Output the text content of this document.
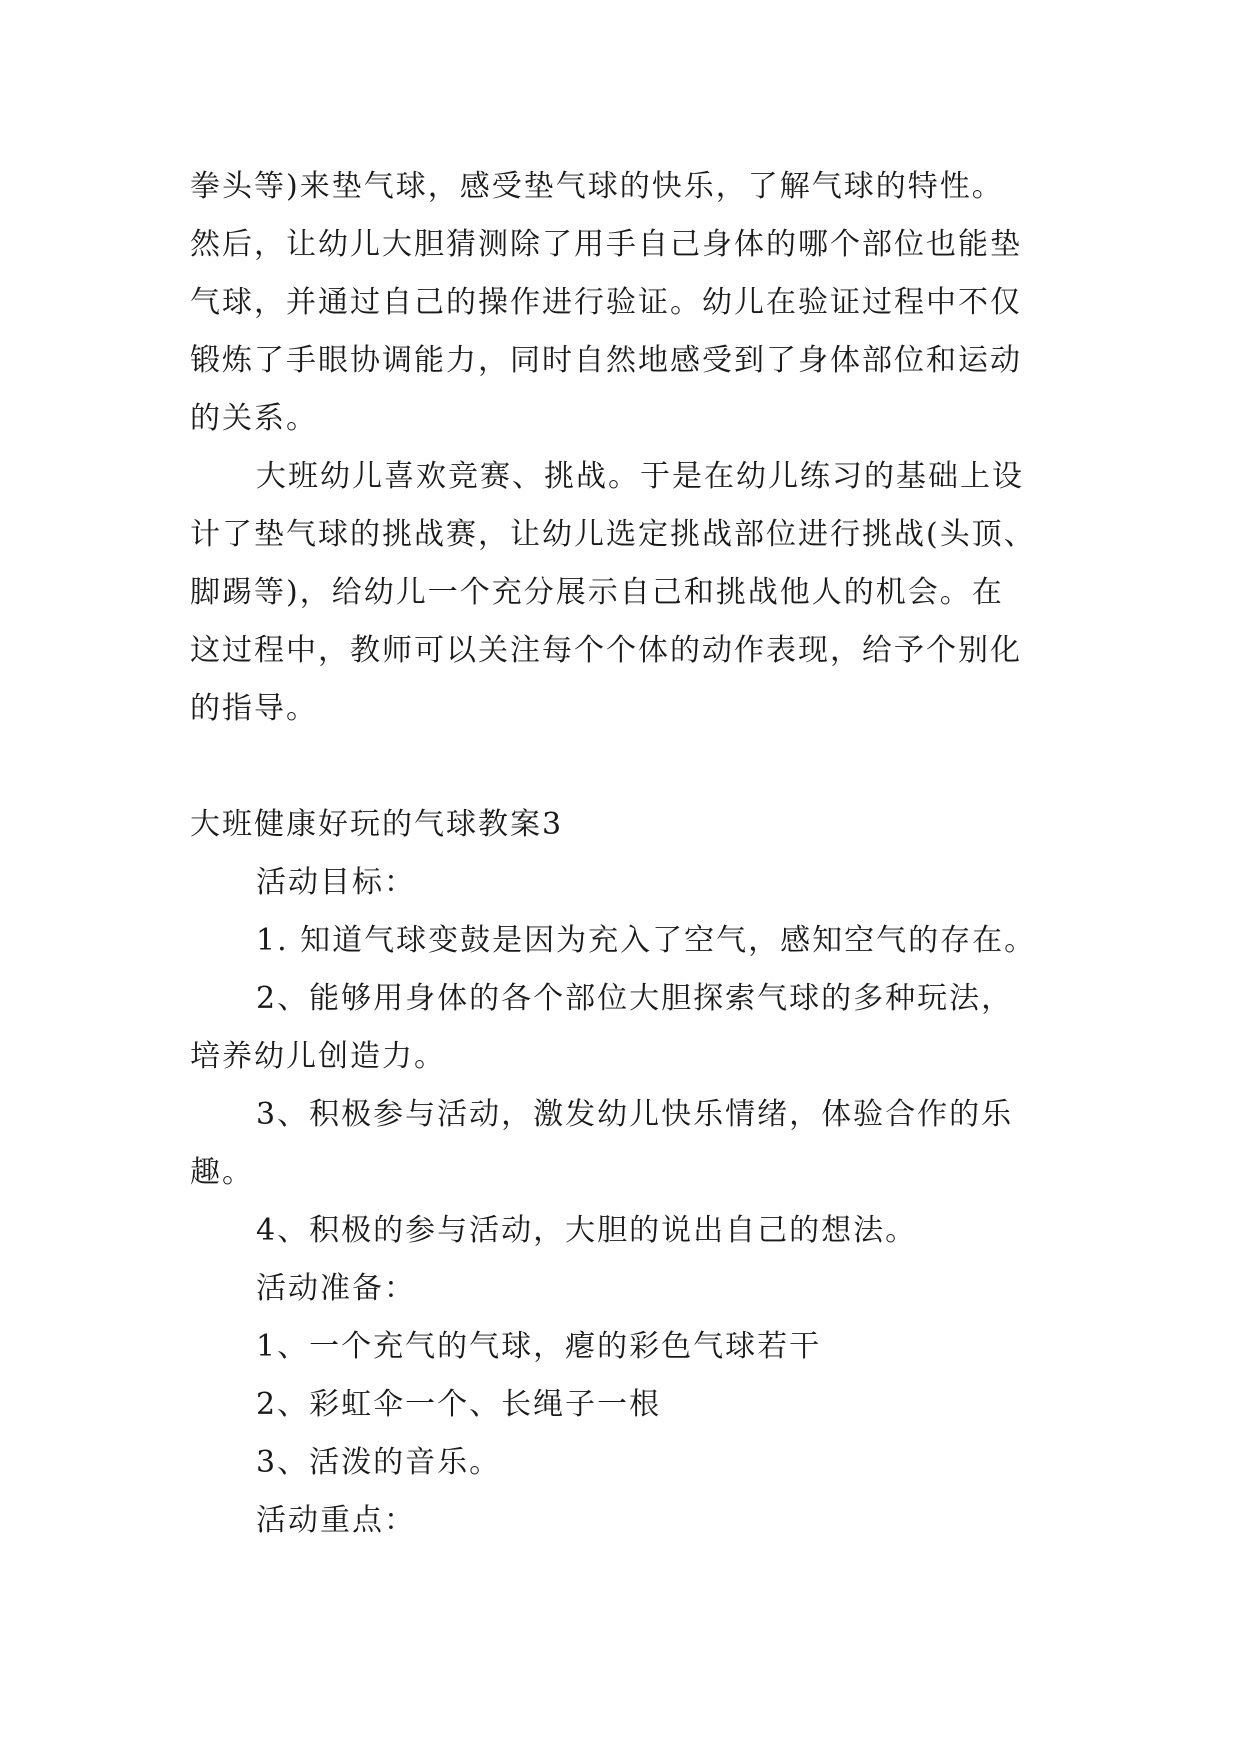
拳头等)来垫气球，感受垫气球的快乐，了解气球的特性。
然后，让幼儿大胆猜测除了用手自己身体的哪个部位也能垫
气球，并通过自己的操作进行验证。幼儿在验证过程中不仅
锻炼了手眼协调能力，同时自然地感受到了身体部位和运动
的关系。
大班幼儿喜欢竞赛、挑战。于是在幼儿练习的基础上设
计了垫气球的挑战赛，让幼儿选定挑战部位进行挑战(头顶、
脚踢等)，给幼儿一个充分展示自己和挑战他人的机会。在
这过程中，教师可以关注每个个体的动作表现，给予个别化
的指导。
大班健康好玩的气球教案3
活动目标：
1. 知道气球变鼓是因为充入了空气，感知空气的存在。
2、能够用身体的各个部位大胆探索气球的多种玩法，
培养幼儿创造力。
3、积极参与活动，激发幼儿快乐情绪，体验合作的乐
趣。
4、积极的参与活动，大胆的说出自己的想法。
活动准备：
1、一个充气的气球，瘪的彩色气球若干
2、彩虹伞一个、长绳子一根
3、活泼的音乐。
活动重点：
